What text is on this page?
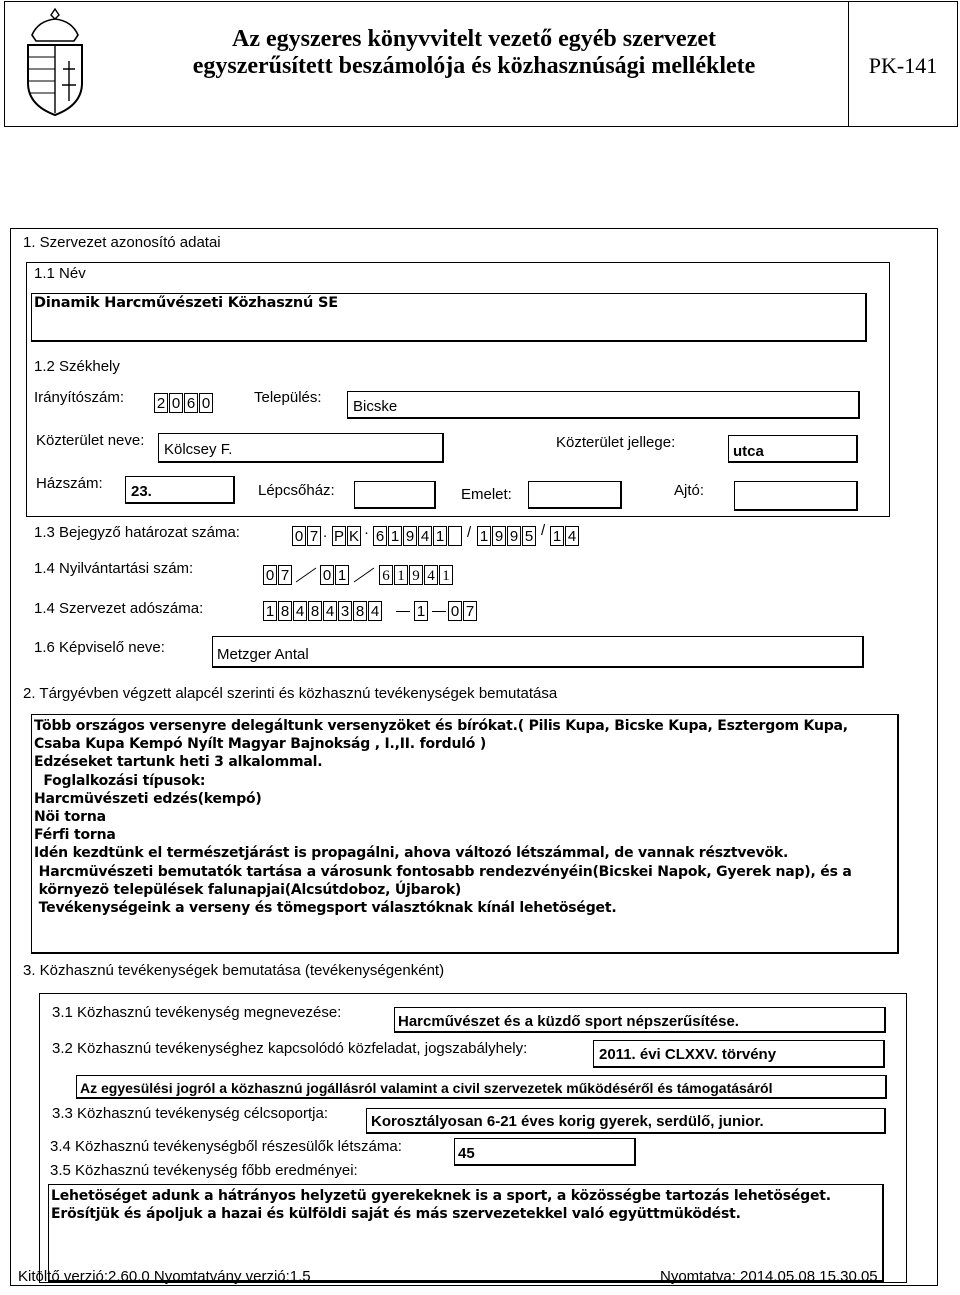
Az egyszeres könyvvitelt vezető egyéb szervezet
egyszerűsített beszámolója és közhasznúsági melléklete	PK-141
1. Szervezet azonosító adatai
1.1 Név
Dinamik Harcművészeti Közhasznú SE
1.2 Székhely
Irányítószám: 2 0 6 0	Település:
Bicske
Közterület neve:
Kölcsey F.	Közterület jellege:
utca
Házszám: 23.	Lépcsőház:	Emelet:	Ajtó:
1.3 Bejegyző határozat száma:	0 7 . P K · 6 1 9 4 1 / 1 9 9 5 / 1 4
1.4 Nyilvántartási szám:	0 7 0 1 6 1 9 4 1
1.4 Szervezet adószáma:	1 8 4 8 4 3 8 4	1 0 7
1.6 Képviselő neve:	Metzger Antal
2. Tárgyévben végzett alapcél szerinti és közhasznú tevékenységek bemutatása
Több országos versenyre delegáltunk versenyzöket és bírókat.( Pilis Kupa, Bicske Kupa, Esztergom Kupa,
Csaba Kupa Kempó Nyílt Magyar Bajnokság , I.,II. forduló )
Edzéseket tartunk heti 3 alkalommal.
Foglalkozási típusok:
Harcmüvészeti edzés(kempó)
Nöi torna
Férfi torna
Idén kezdtünk el természetjárást is propagálni, ahova változó létszámmal, de vannak résztvevök.
Harcmüvészeti bemutatók tartása a városunk fontosabb rendezvényéin(Bicskei Napok, Gyerek nap), és a
környezö települések falunapjai(Alcsútdoboz, Újbarok)
Tevékenységeink a verseny és tömegsport választóknak kínál lehetöséget.
3. Közhasznú tevékenységek bemutatása (tevékenységenként)
3.1 Közhasznú tevékenység megnevezése:
Harcművészet és a küzdő sport népszerűsítése.
3.2 Közhasznú tevékenységhez kapcsolódó közfeladat, jogszabályhely:	2011. évi CLXXV. törvény
Az egyesülési jogról a közhasznú jogállásról valamint a civil szervezetek működéséről és támogatásáról
3.3 Közhasznú tevékenység célcsoportja:	Korosztályosan 6-21 éves korig gyerek, serdülő, junior.
3.4 Közhasznú tevékenységből részesülők létszáma:	45
3.5 Közhasznú tevékenység főbb eredményei:
Lehetöséget adunk a hátrányos helyzetü gyerekeknek is a sport, a közösségbe tartozás lehetöséget.
Erösítjük és ápoljuk a hazai és külföldi saját és más szervezetekkel való együttmüködést.
Kitöltő verzió:2.60.0 Nyomtatvány verzió:1.5	Nyomtatva: 2014.05.08 15.30.05
